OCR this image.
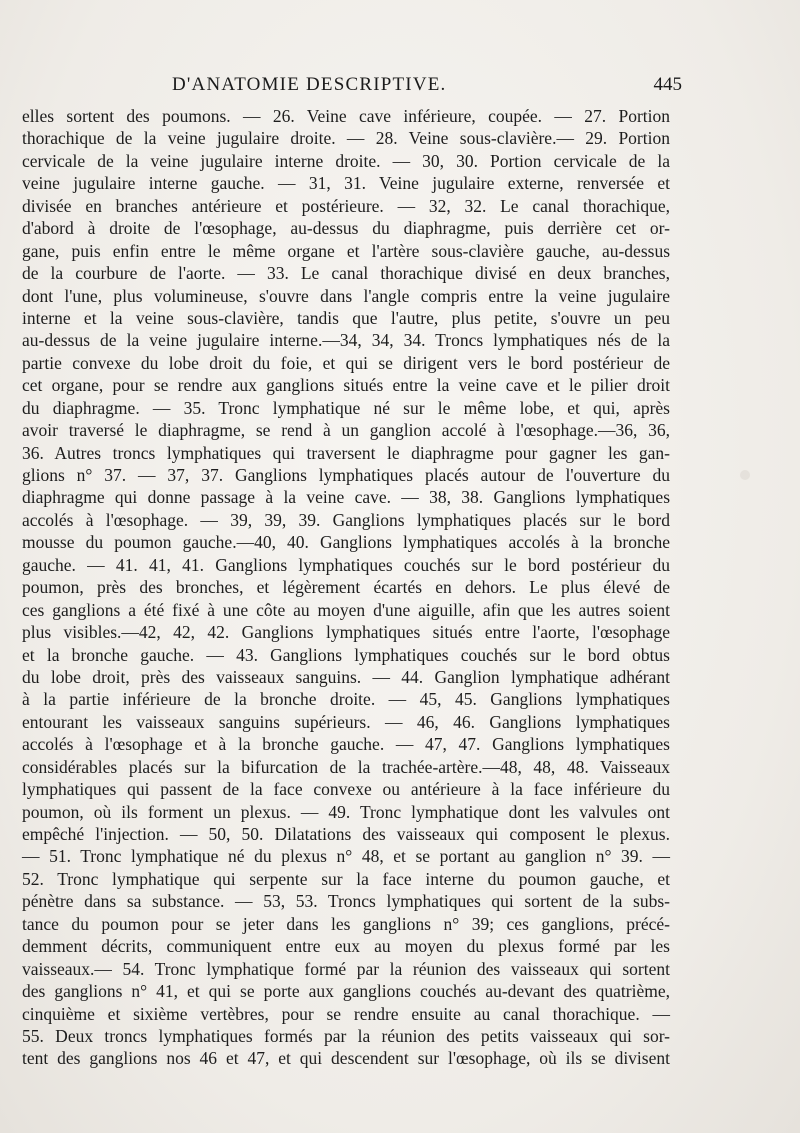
D'ANATOMIE DESCRIPTIVE.	445
elles sortent des poumons. — 26. Veine cave inférieure, coupée. — 27. Portion
thorachique de la veine jugulaire droite. — 28. Veine sous-clavière.— 29. Portion
cervicale de la veine jugulaire interne droite. — 30, 30. Portion cervicale de la
veine jugulaire interne gauche. — 31, 31. Veine jugulaire externe, renversée et
divisée en branches antérieure et postérieure. — 32, 32. Le canal thorachique,
d'abord à droite de l'œsophage, au-dessus du diaphragme, puis derrière cet or-
gane, puis enfin entre le même organe et l'artère sous-clavière gauche, au-dessus
de la courbure de l'aorte. — 33. Le canal thorachique divisé en deux branches,
dont l'une, plus volumineuse, s'ouvre dans l'angle compris entre la veine jugulaire
interne et la veine sous-clavière, tandis que l'autre, plus petite, s'ouvre un peu
au-dessus de la veine jugulaire interne.—34, 34, 34. Troncs lymphatiques nés de la
partie convexe du lobe droit du foie, et qui se dirigent vers le bord postérieur de
cet organe, pour se rendre aux ganglions situés entre la veine cave et le pilier droit
du diaphragme. — 35. Tronc lymphatique né sur le même lobe, et qui, après
avoir traversé le diaphragme, se rend à un ganglion accolé à l'œsophage.—36, 36,
36. Autres troncs lymphatiques qui traversent le diaphragme pour gagner les gan-
glions n° 37. — 37, 37. Ganglions lymphatiques placés autour de l'ouverture du
diaphragme qui donne passage à la veine cave. — 38, 38. Ganglions lymphatiques
accolés à l'œsophage. — 39, 39, 39. Ganglions lymphatiques placés sur le bord
mousse du poumon gauche.—40, 40. Ganglions lymphatiques accolés à la bronche
gauche. — 41. 41, 41. Ganglions lymphatiques couchés sur le bord postérieur du
poumon, près des bronches, et légèrement écartés en dehors. Le plus élevé de
ces ganglions a été fixé à une côte au moyen d'une aiguille, afin que les autres soient
plus visibles.—42, 42, 42. Ganglions lymphatiques situés entre l'aorte, l'œsophage
et la bronche gauche. — 43. Ganglions lymphatiques couchés sur le bord obtus
du lobe droit, près des vaisseaux sanguins. — 44. Ganglion lymphatique adhérant
à la partie inférieure de la bronche droite. — 45, 45. Ganglions lymphatiques
entourant les vaisseaux sanguins supérieurs. — 46, 46. Ganglions lymphatiques
accolés à l'œsophage et à la bronche gauche. — 47, 47. Ganglions lymphatiques
considérables placés sur la bifurcation de la trachée-artère.—48, 48, 48. Vaisseaux
lymphatiques qui passent de la face convexe ou antérieure à la face inférieure du
poumon, où ils forment un plexus. — 49. Tronc lymphatique dont les valvules ont
empêché l'injection. — 50, 50. Dilatations des vaisseaux qui composent le plexus.
— 51. Tronc lymphatique né du plexus n° 48, et se portant au ganglion n° 39. —
52. Tronc lymphatique qui serpente sur la face interne du poumon gauche, et
pénètre dans sa substance. — 53, 53. Troncs lymphatiques qui sortent de la subs-
tance du poumon pour se jeter dans les ganglions n° 39; ces ganglions, précé-
demment décrits, communiquent entre eux au moyen du plexus formé par les
vaisseaux.— 54. Tronc lymphatique formé par la réunion des vaisseaux qui sortent
des ganglions n° 41, et qui se porte aux ganglions couchés au-devant des quatrième,
cinquième et sixième vertèbres, pour se rendre ensuite au canal thorachique. —
55. Deux troncs lymphatiques formés par la réunion des petits vaisseaux qui sor-
tent des ganglions nos 46 et 47, et qui descendent sur l'œsophage, où ils se divisent
